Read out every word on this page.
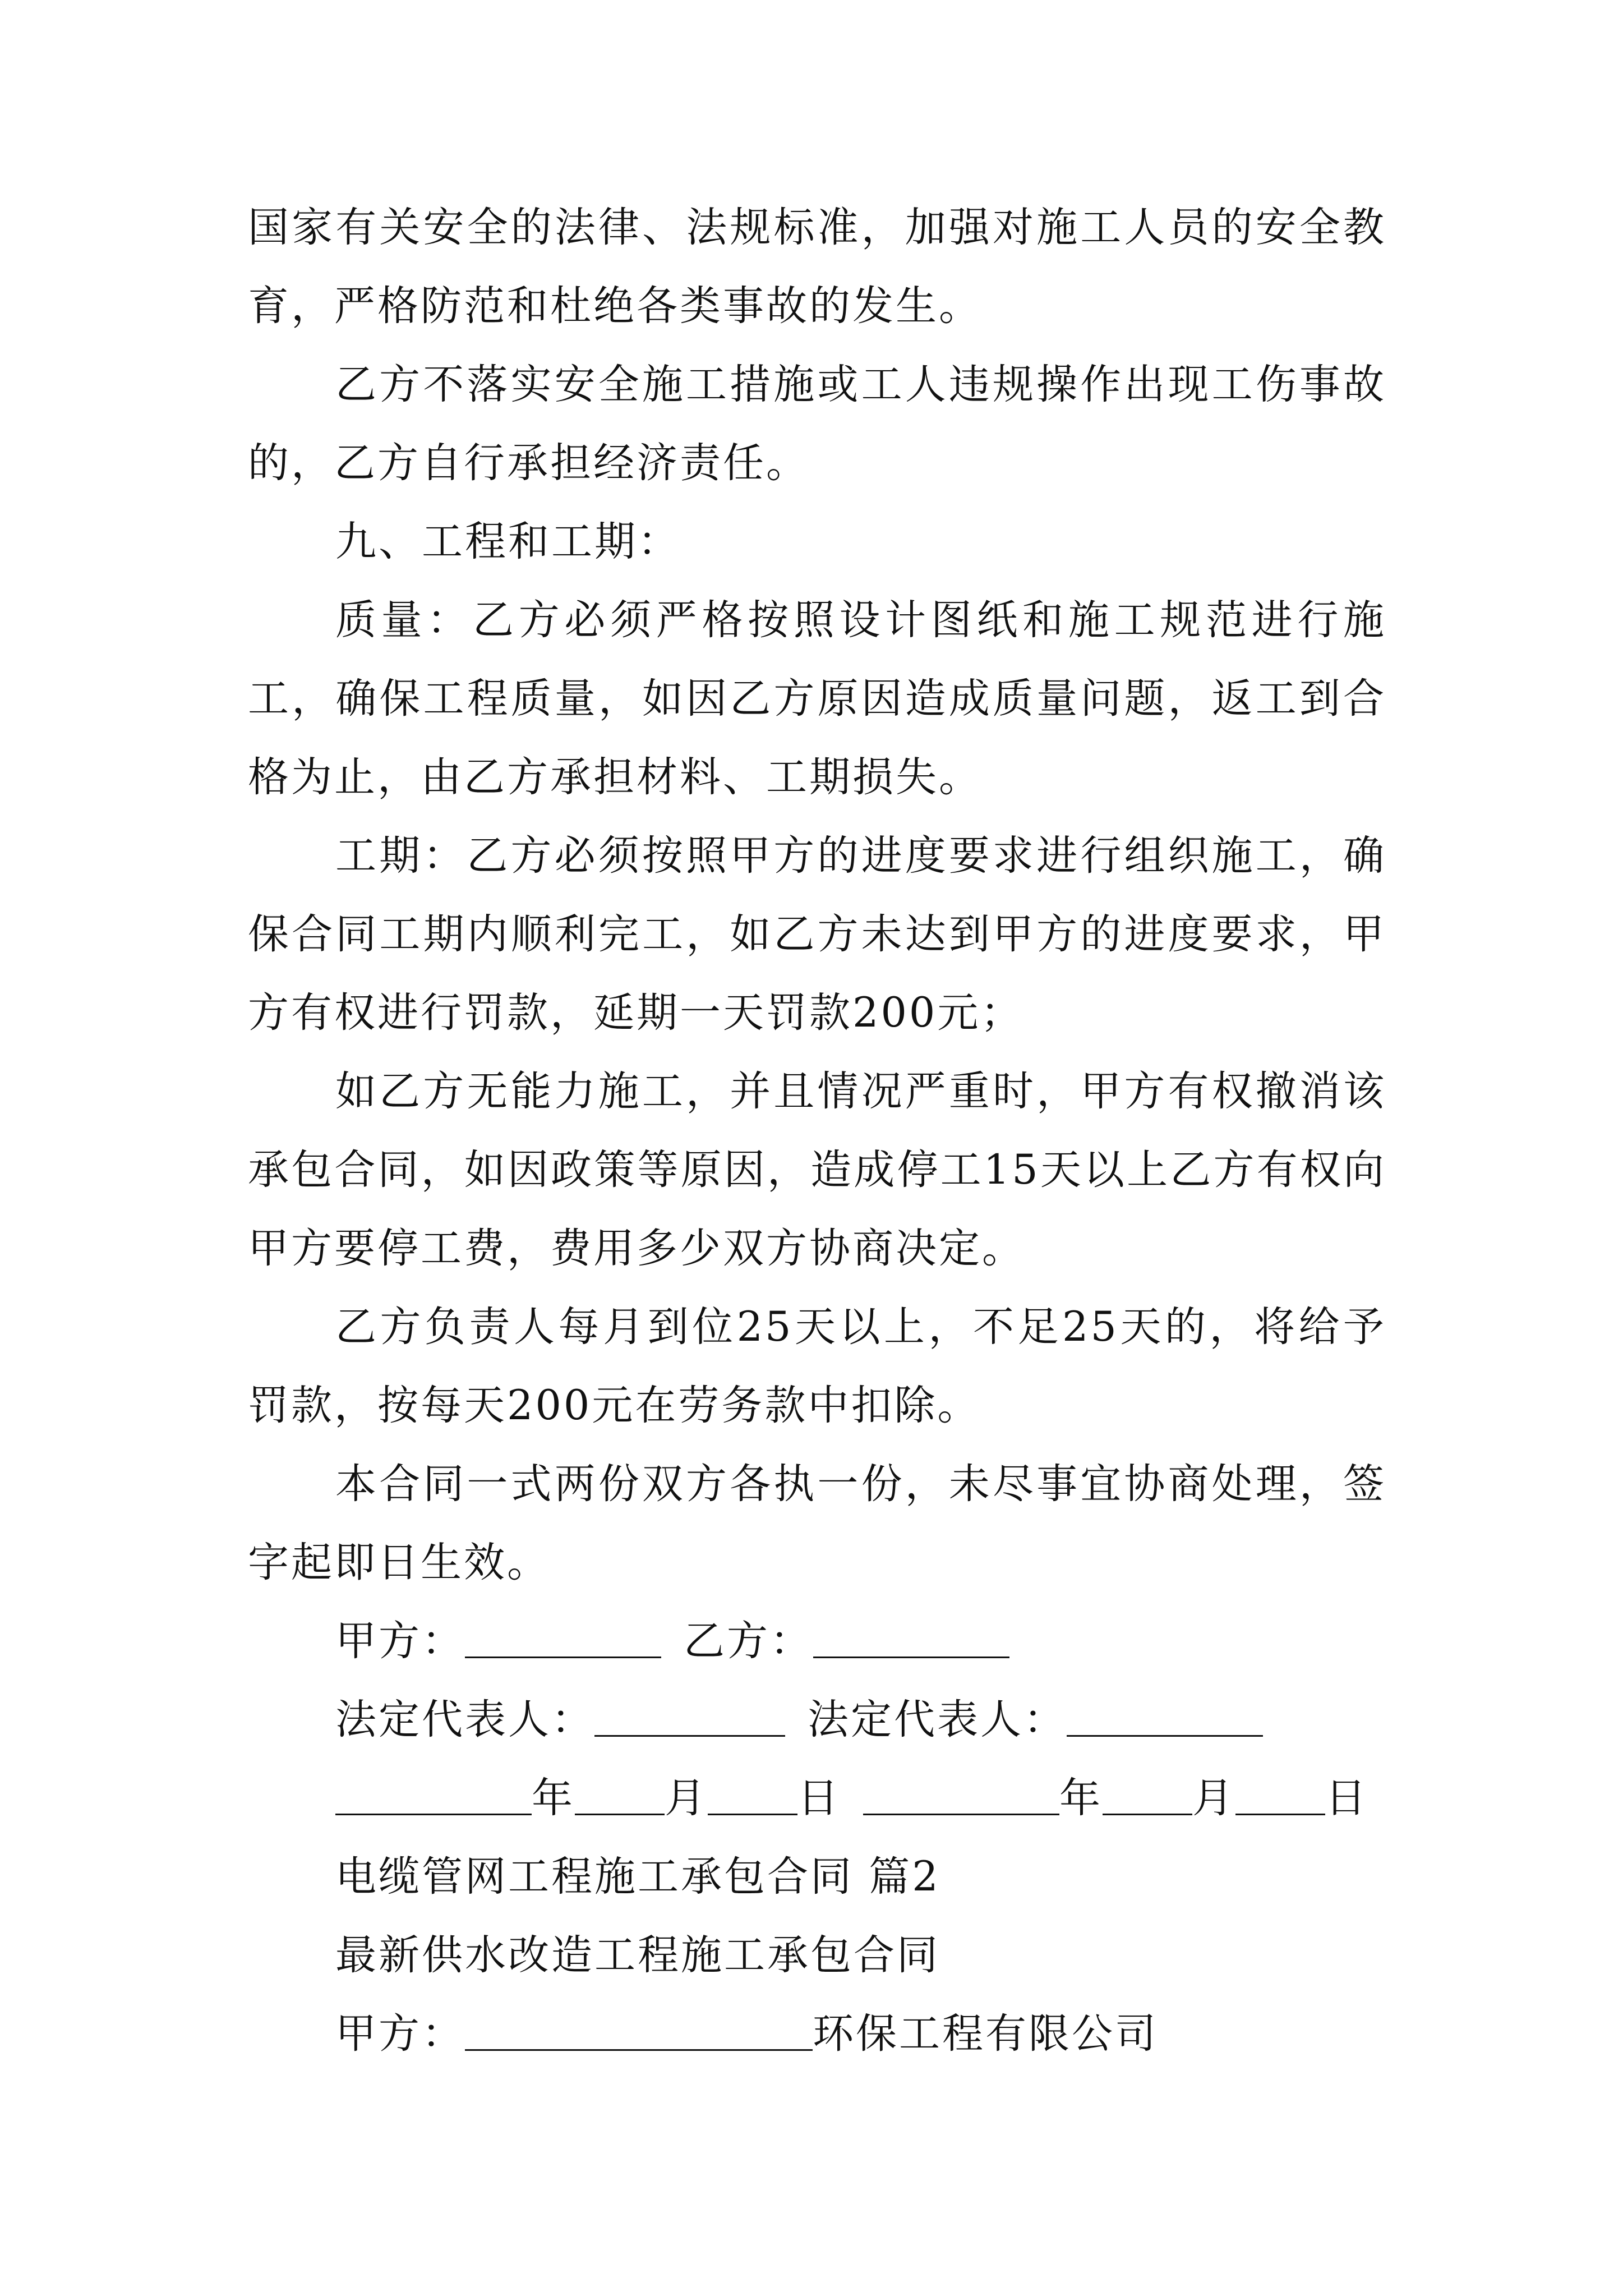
国家有关安全的法律、法规标准，加强对施工人员的安全教育，严格防范和杜绝各类事故的发生。

乙方不落实安全施工措施或工人违规操作出现工伤事故的，乙方自行承担经济责任。

九、工程和工期：

质量：乙方必须严格按照设计图纸和施工规范进行施工，确保工程质量，如因乙方原因造成质量问题，返工到合格为止，由乙方承担材料、工期损失。

工期：乙方必须按照甲方的进度要求进行组织施工，确保合同工期内顺利完工，如乙方未达到甲方的进度要求，甲方有权进行罚款，延期一天罚款200元；

如乙方无能力施工，并且情况严重时，甲方有权撤消该承包合同，如因政策等原因，造成停工15天以上乙方有权向甲方要停工费，费用多少双方协商决定。

乙方负责人每月到位25天以上，不足25天的，将给予罚款，按每天200元在劳务款中扣除。

本合同一式两份双方各执一份，未尽事宜协商处理，签字起即日生效。

甲方：	乙方：
法定代表人：	法定代表人：
年 月 日	年 月 日
电缆管网工程施工承包合同 篇2
最新供水改造工程施工承包合同
甲方：	环保工程有限公司
